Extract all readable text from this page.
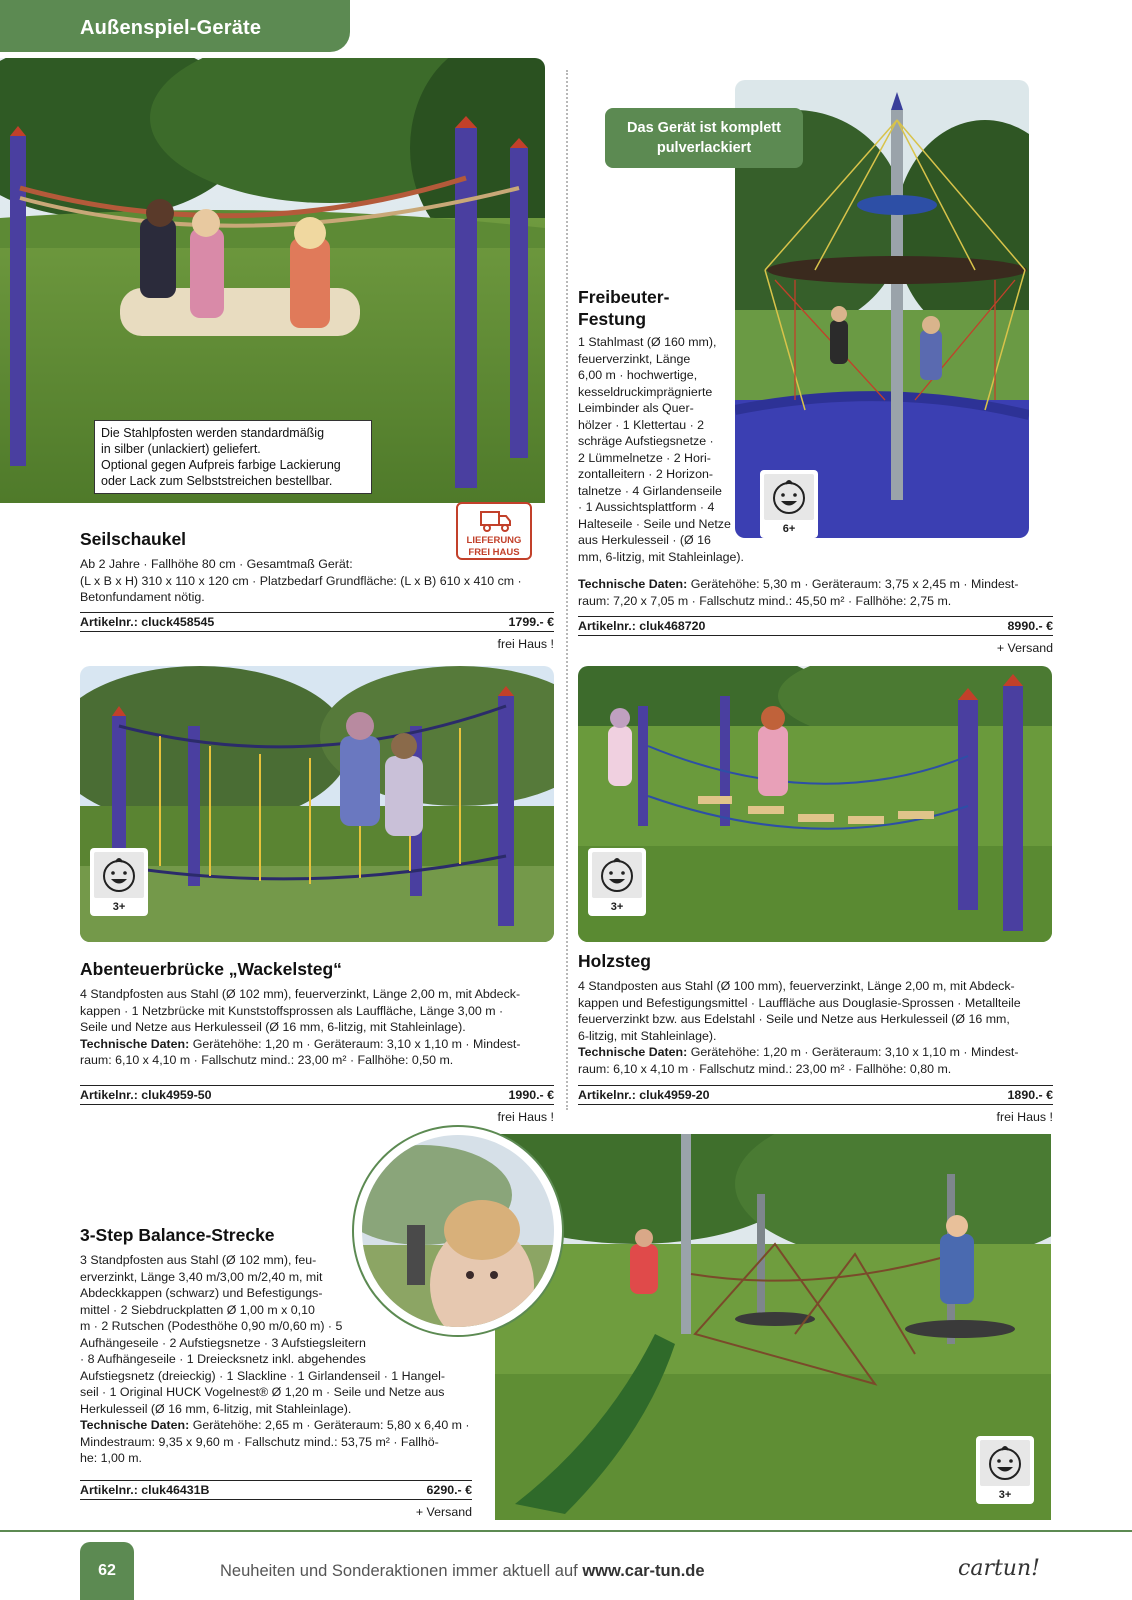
Außenspiel-Geräte
Die Stahlpfosten werden standardmäßig
in silber (unlackiert) geliefert.
Optional gegen Aufpreis farbige Lackierung
oder Lack zum Selbststreichen bestellbar.
Das Gerät ist komplett
pulverlackiert
6+
LIEFERUNG
FREI HAUS
Seilschaukel
Ab 2 Jahre · Fallhöhe 80 cm · Gesamtmaß Gerät:
(L x B x H) 310 x 110 x 120 cm · Platzbedarf Grundfläche: (L x B) 610 x 410 cm ·
Betonfundament nötig.
Artikelnr.: cluck458545	1799.- €
frei Haus !
Freibeuter-
Festung
1 Stahlmast (Ø 160 mm),
feuerverzinkt, Länge
6,00 m · hochwertige,
kesseldruckimprägnierte
Leimbinder als Quer-
hölzer · 1 Klettertau · 2
schräge Aufstiegsnetze ·
2 Lümmelnetze · 2 Hori-
zontalleitern · 2 Horizon-
talnetze · 4 Girlandenseile
· 1 Aussichtsplattform · 4
Halteseile · Seile und Netze
aus Herkulesseil · (Ø 16
mm, 6-litzig, mit Stahleinlage).
Technische Daten: Gerätehöhe: 5,30 m · Geräteraum: 3,75 x 2,45 m · Mindest-
raum: 7,20 x 7,05 m · Fallschutz mind.: 45,50 m² · Fallhöhe: 2,75 m.
Artikelnr.: cluk468720	8990.- €
+ Versand
3+	3+
Abenteuerbrücke „Wackelsteg“
4 Standpfosten aus Stahl (Ø 102 mm), feuerverzinkt, Länge 2,00 m, mit Abdeck-
kappen · 1 Netzbrücke mit Kunststoffsprossen als Lauffläche, Länge 3,00 m ·
Seile und Netze aus Herkulesseil (Ø 16 mm, 6-litzig, mit Stahleinlage).
Technische Daten: Gerätehöhe: 1,20 m · Geräteraum: 3,10 x 1,10 m · Mindest-
raum: 6,10 x 4,10 m · Fallschutz mind.: 23,00 m² · Fallhöhe: 0,50 m.
Artikelnr.: cluk4959-50	1990.- €
frei Haus !
Holzsteg
4 Standposten aus Stahl (Ø 100 mm), feuerverzinkt, Länge 2,00 m, mit Abdeck-
kappen und Befestigungsmittel · Lauffläche aus Douglasie-Sprossen · Metallteile
feuerverzinkt bzw. aus Edelstahl · Seile und Netze aus Herkulesseil (Ø 16 mm,
6-litzig, mit Stahleinlage).
Technische Daten: Gerätehöhe: 1,20 m · Geräteraum: 3,10 x 1,10 m · Mindest-
raum: 6,10 x 4,10 m · Fallschutz mind.: 23,00 m² · Fallhöhe: 0,80 m.
Artikelnr.: cluk4959-20	1890.- €
frei Haus !
3+
3-Step Balance-Strecke
3 Standpfosten aus Stahl (Ø 102 mm), feu-
erverzinkt, Länge 3,40 m/3,00 m/2,40 m, mit
Abdeckkappen (schwarz) und Befestigungs-
mittel · 2 Siebdruckplatten Ø 1,00 m x 0,10
m · 2 Rutschen (Podesthöhe 0,90 m/0,60 m) · 5
Aufhängeseile · 2 Aufstiegsnetze · 3 Aufstiegsleitern
· 8 Aufhängeseile · 1 Dreiecksnetz inkl. abgehendes
Aufstiegsnetz (dreieckig) · 1 Slackline · 1 Girlandenseil · 1 Hangel-
seil · 1 Original HUCK Vogelnest® Ø 1,20 m · Seile und Netze aus
Herkulesseil (Ø 16 mm, 6-litzig, mit Stahleinlage).
Technische Daten: Gerätehöhe: 2,65 m · Geräteraum: 5,80 x 6,40 m ·
Mindestraum: 9,35 x 9,60 m · Fallschutz mind.: 53,75 m² · Fallhö-
he: 1,00 m.
Artikelnr.: cluk46431B	6290.- €
+ Versand
62	Neuheiten und Sonderaktionen immer aktuell auf www.car-tun.de	cartun!
